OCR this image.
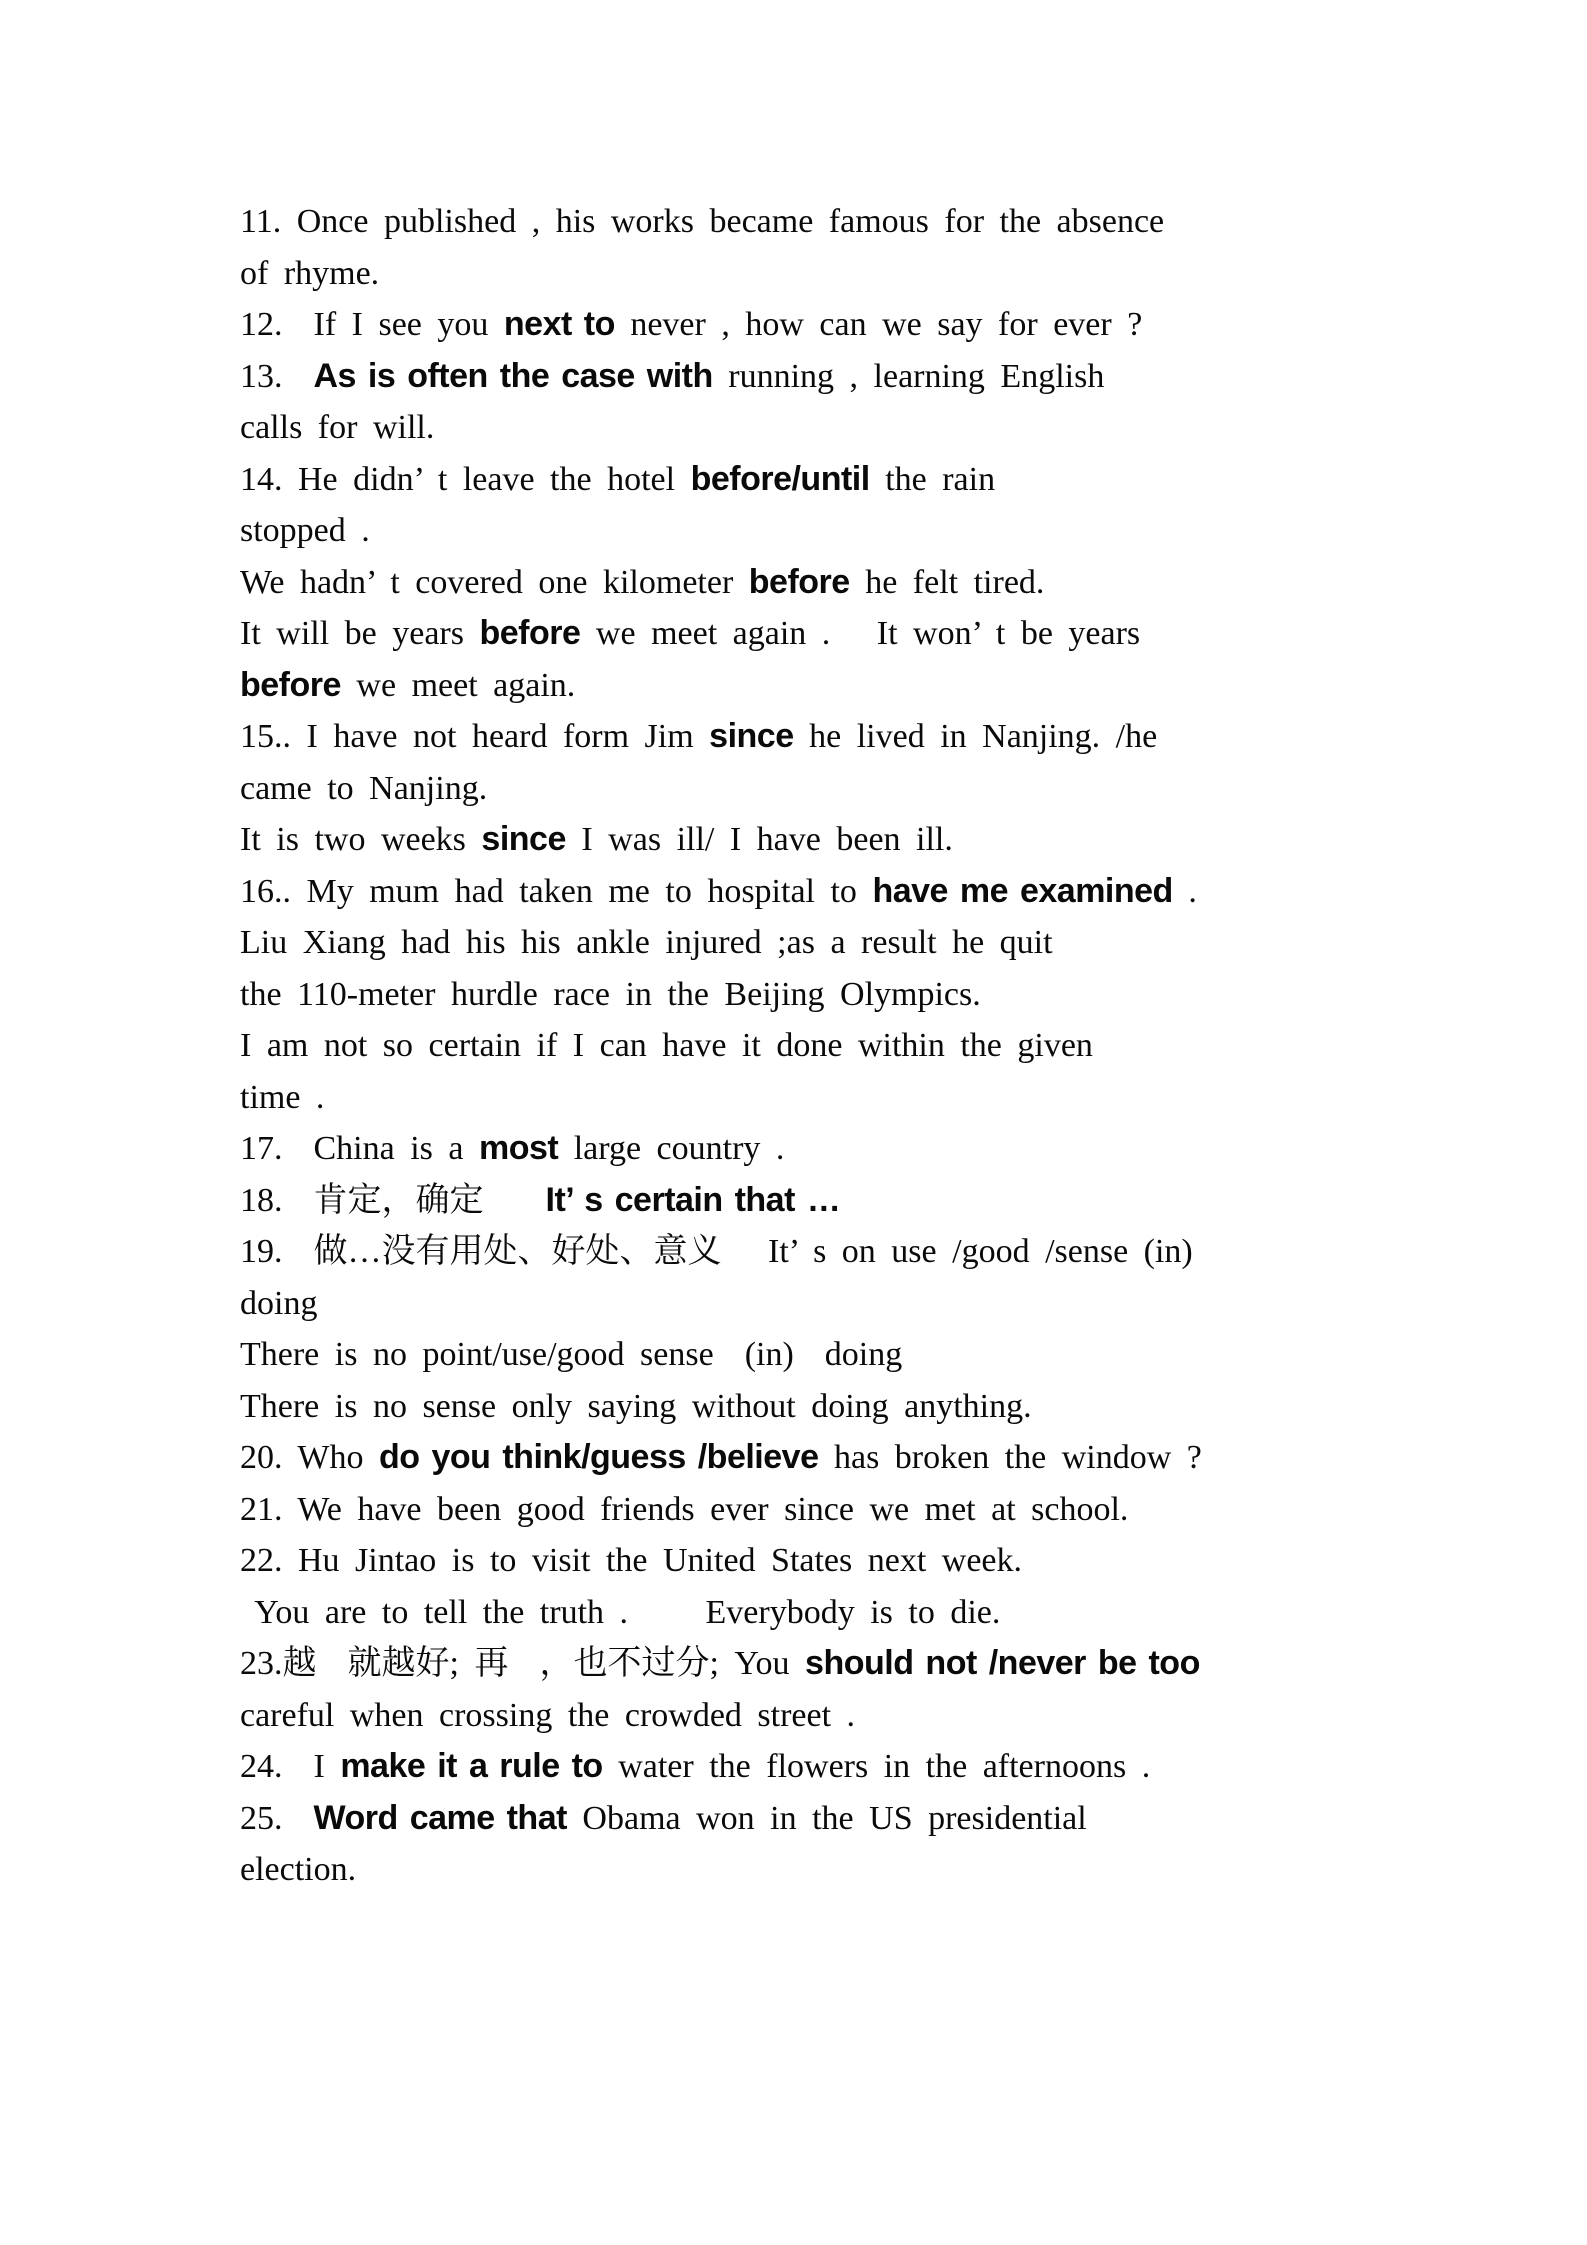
11. Once published , his works became famous for the absence
of rhyme.
12.  If I see you next to never , how can we say for ever ?
13.  As is often the case with running , learning English
calls for will.
14. He didn’ t leave the hotel before/until the rain
stopped .
We hadn’ t covered one kilometer before he felt tired.
It will be years before we meet again .   It won’ t be years
before we meet again.
15.. I have not heard form Jim since he lived in Nanjing. /he
came to Nanjing.
It is two weeks since I was ill/ I have been ill.
16.. My mum had taken me to hospital to have me examined .
Liu Xiang had his his ankle injured ;as a result he quit
the 110-meter hurdle race in the Beijing Olympics.
I am not so certain if I can have it done within the given
time .
17.  China is a most large country .
18.  肯定，确定    It’ s certain that …
19.  做…没有用处、好处、意义   It’ s on use /good /sense (in)
doing
There is no point/use/good sense  (in)  doing
There is no sense only saying without doing anything.
20. Who do you think/guess /believe has broken the window ?
21. We have been good friends ever since we met at school.
22. Hu Jintao is to visit the United States next week.
You are to tell the truth .     Everybody is to die.
23.越  就越好; 再  ，也不过分; You should not /never be too
careful when crossing the crowded street .
24.  I make it a rule to water the flowers in the afternoons .
25.  Word came that Obama won in the US presidential
election.
